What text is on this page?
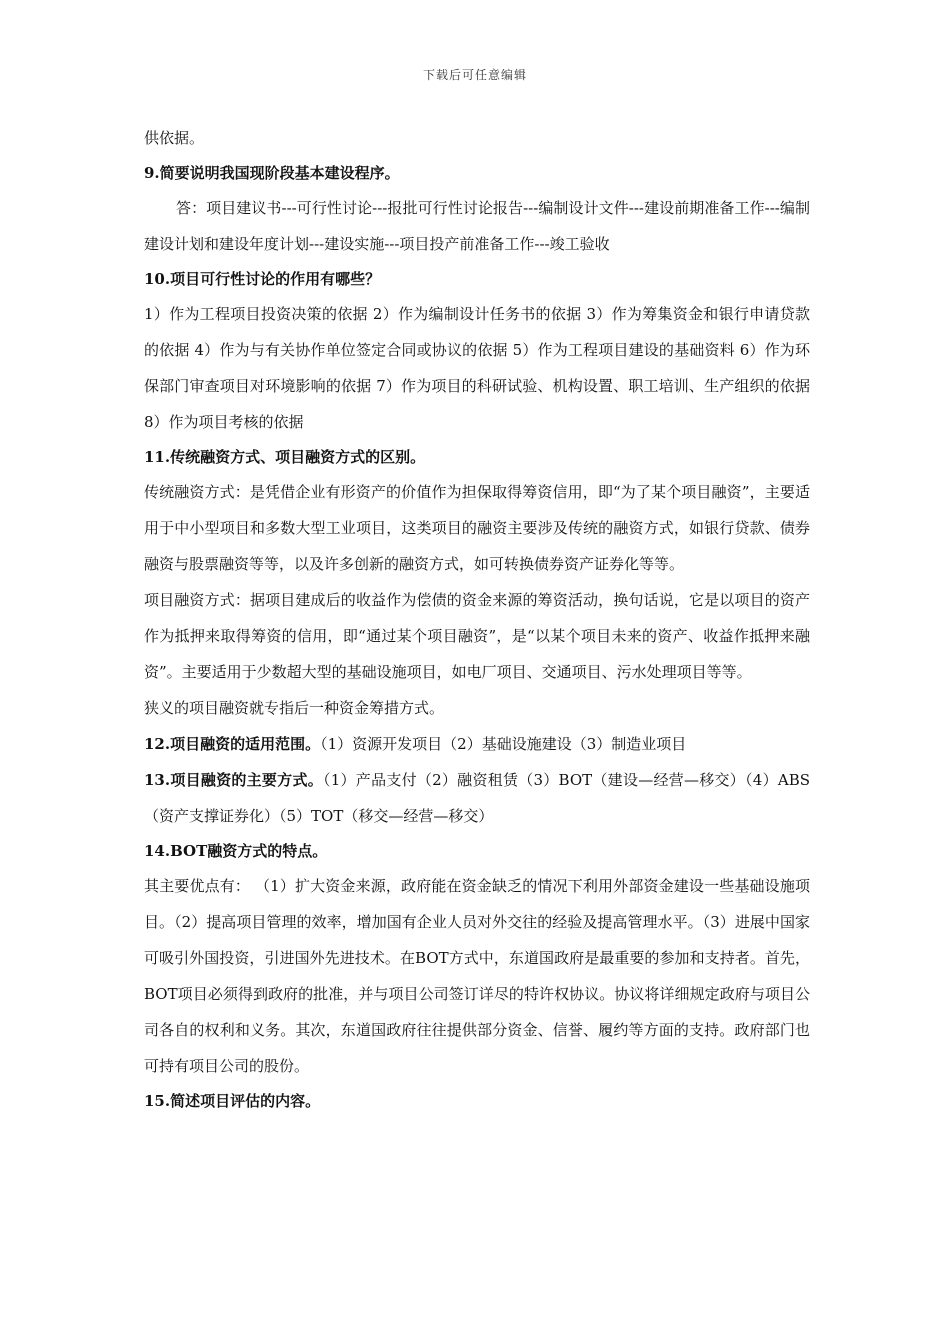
下载后可任意编辑

供依据。

9.简要说明我国现阶段基本建设程序。

答：项目建议书---可行性讨论---报批可行性讨论报告---编制设计文件---建设前期准备工作---编制建设计划和建设年度计划---建设实施---项目投产前准备工作---竣工验收

10.项目可行性讨论的作用有哪些？

1）作为工程项目投资决策的依据 2）作为编制设计任务书的依据 3）作为筹集资金和银行申请贷款的依据 4）作为与有关协作单位签定合同或协议的依据 5）作为工程项目建设的基础资料 6）作为环保部门审查项目对环境影响的依据 7）作为项目的科研试验、机构设置、职工培训、生产组织的依据 8）作为项目考核的依据

11.传统融资方式、项目融资方式的区别。

传统融资方式：是凭借企业有形资产的价值作为担保取得筹资信用，即“为了某个项目融资”，主要适用于中小型项目和多数大型工业项目，这类项目的融资主要涉及传统的融资方式，如银行贷款、债券融资与股票融资等等，以及许多创新的融资方式，如可转换债券资产证券化等等。

项目融资方式：据项目建成后的收益作为偿债的资金来源的筹资活动，换句话说，它是以项目的资产作为抵押来取得筹资的信用，即“通过某个项目融资”，是“以某个项目未来的资产、收益作抵押来融资”。主要适用于少数超大型的基础设施项目，如电厂项目、交通项目、污水处理项目等等。

狭义的项目融资就专指后一种资金筹措方式。

12.项目融资的适用范围。（1）资源开发项目（2）基础设施建设（3）制造业项目

13.项目融资的主要方式。（1）产品支付（2）融资租赁（3）BOT（建设—经营—移交）（4）ABS（资产支撑证券化）（5）TOT（移交—经营—移交）

14.BOT融资方式的特点。

其主要优点有： （1）扩大资金来源，政府能在资金缺乏的情况下利用外部资金建设一些基础设施项目。（2）提高项目管理的效率，增加国有企业人员对外交往的经验及提高管理水平。（3）进展中国家可吸引外国投资，引进国外先进技术。在BOT方式中，东道国政府是最重要的参加和支持者。首先，BOT项目必须得到政府的批准，并与项目公司签订详尽的特许权协议。协议将详细规定政府与项目公司各自的权利和义务。其次，东道国政府往往提供部分资金、信誉、履约等方面的支持。政府部门也可持有项目公司的股份。

15.简述项目评估的内容。
